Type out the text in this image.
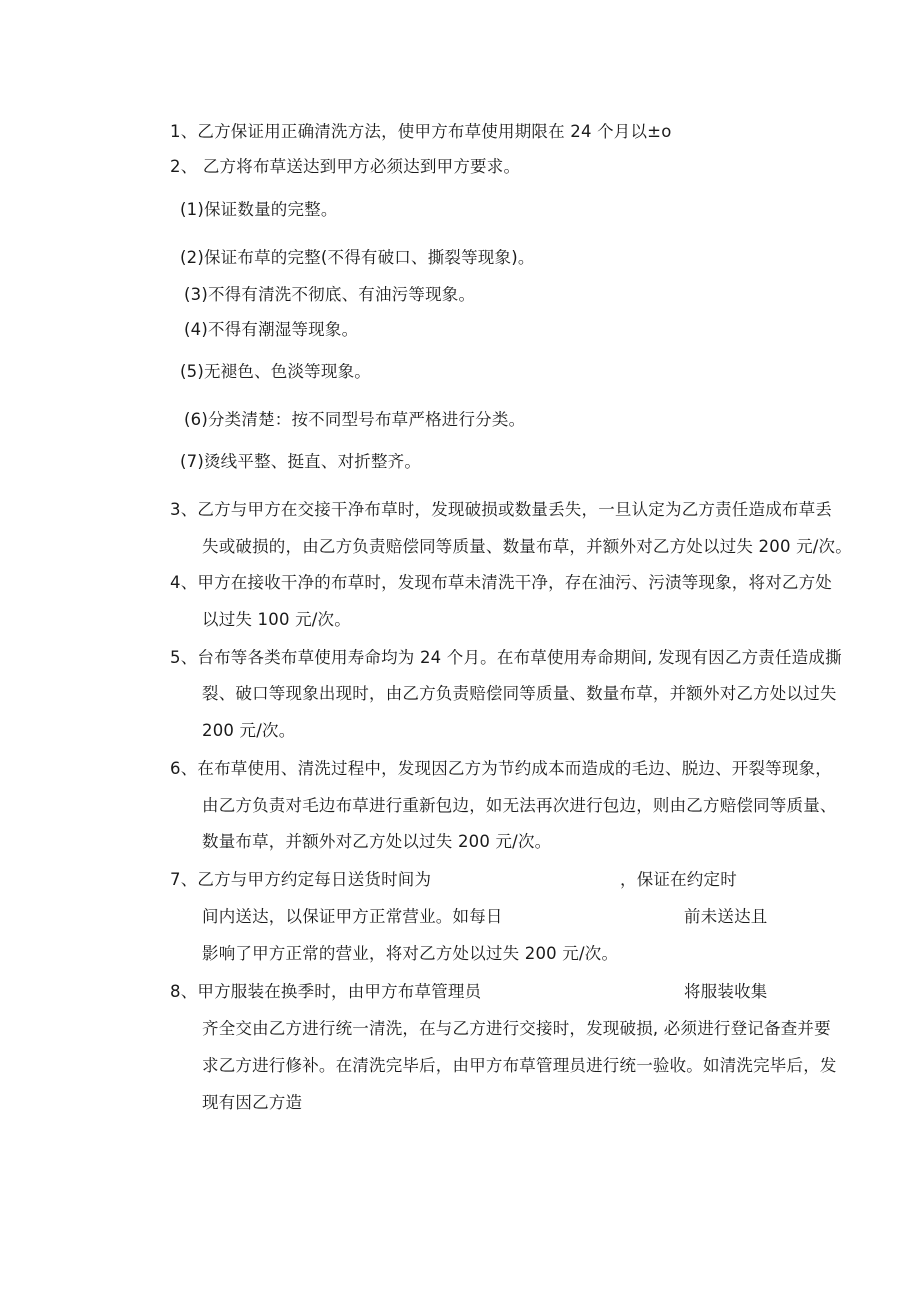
1、乙方保证用正确清洗方法，使甲方布草使用期限在 24 个月以±o
2、 乙方将布草送达到甲方必须达到甲方要求。
(1)保证数量的完整。
(2)保证布草的完整(不得有破口、撕裂等现象)。
(3)不得有清洗不彻底、有油污等现象。
(4)不得有潮湿等现象。
(5)无褪色、色淡等现象。
(6)分类清楚：按不同型号布草严格进行分类。
(7)烫线平整、挺直、对折整齐。
3、乙方与甲方在交接干净布草时，发现破损或数量丢失，一旦认定为乙方责任造成布草丢
失或破损的，由乙方负责赔偿同等质量、数量布草，并额外对乙方处以过失 200 元/次。
4、甲方在接收干净的布草时，发现布草未清洗干净，存在油污、污渍等现象，将对乙方处
以过失 100 元/次。
5、台布等各类布草使用寿命均为 24 个月。在布草使用寿命期间, 发现有因乙方责任造成撕
裂、破口等现象出现时，由乙方负责赔偿同等质量、数量布草，并额外对乙方处以过失
200 元/次。
6、在布草使用、清洗过程中，发现因乙方为节约成本而造成的毛边、脱边、开裂等现象，
由乙方负责对毛边布草进行重新包边，如无法再次进行包边，则由乙方赔偿同等质量、
数量布草，并额外对乙方处以过失 200 元/次。
7、乙方与甲方约定每日送货时间为	，保证在约定时
间内送达，以保证甲方正常营业。如每日	前未送达且
影响了甲方正常的营业，将对乙方处以过失 200 元/次。
8、甲方服装在换季时，由甲方布草管理员	将服装收集
齐全交由乙方进行统一清洗，在与乙方进行交接时，发现破损, 必须进行登记备查并要
求乙方进行修补。在清洗完毕后，由甲方布草管理员进行统一验收。如清洗完毕后，发
现有因乙方造
